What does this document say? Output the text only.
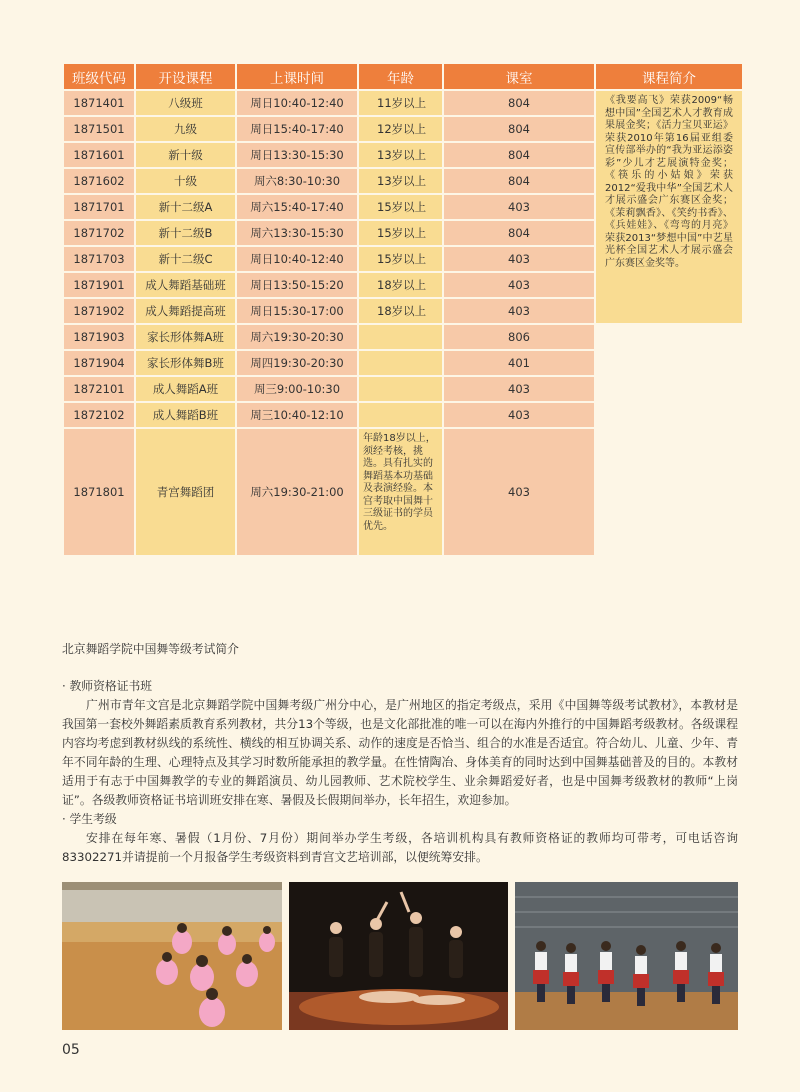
班级代码	开设课程	上课时间	年龄	课室	课程简介
1871401	八级班	周日10:40-12:40	11岁以上	804	《我要高飞》荣获2009“畅想中国”全国艺术人才教育成果展金奖；《活力宝贝亚运》荣获2010年第16届亚组委宣传部举办的“我为亚运添姿彩”少儿才艺展演特金奖；《筷乐的小姑娘》荣获2012“爱我中华”全国艺术人才展示盛会广东赛区金奖；《茉莉飘香》、《笑约书香》、《兵娃娃》、《弯弯的月亮》荣获2013“梦想中国”中艺星光杯全国艺术人才展示盛会广东赛区金奖等。
1871501	九级	周日15:40-17:40	12岁以上	804	
1871601	新十级	周日13:30-15:30	13岁以上	804	
1871602	十级	周六8:30-10:30	13岁以上	804	
1871701	新十二级A	周六15:40-17:40	15岁以上	403	
1871702	新十二级B	周六13:30-15:30	15岁以上	804	
1871703	新十二级C	周日10:40-12:40	15岁以上	403	
1871901	成人舞蹈基础班	周日13:50-15:20	18岁以上	403	
1871902	成人舞蹈提高班	周日15:30-17:00	18岁以上	403	
1871903	家长形体舞A班	周六19:30-20:30		806	
1871904	家长形体舞B班	周四19:30-20:30		401	
1872101	成人舞蹈A班	周三9:00-10:30		403	
1872102	成人舞蹈B班	周三10:40-12:10		403	
1871801	青宫舞蹈团	周六19:30-21:00	年龄18岁以上，须经考核，挑选。具有扎实的舞蹈基本功基础及表演经验。本宫考取中国舞十三级证书的学员优先。	403	

北京舞蹈学院中国舞等级考试简介

· 教师资格证书班

广州市青年文宫是北京舞蹈学院中国舞考级广州分中心，是广州地区的指定考级点，采用《中国舞等级考试教材》，本教材是我国第一套校外舞蹈素质教育系列教材，共分13个等级，也是文化部批准的唯一可以在海内外推行的中国舞蹈考级教材。各级课程内容均考虑到教材纵线的系统性、横线的相互协调关系、动作的速度是否恰当、组合的水准是否适宜。符合幼儿、儿童、少年、青年不同年龄的生理、心理特点及其学习时数所能承担的教学量。在性情陶冶、身体美育的同时达到中国舞基础普及的目的。本教材适用于有志于中国舞教学的专业的舞蹈演员、幼儿园教师、艺术院校学生、业余舞蹈爱好者，也是中国舞考级教材的教师“上岗证”。各级教师资格证书培训班安排在寒、暑假及长假期间举办，长年招生，欢迎参加。

· 学生考级

安排在每年寒、暑假（1月份、7月份）期间举办学生考级，各培训机构具有教师资格证的教师均可带考，可电话咨询83302271并请提前一个月报备学生考级资料到青宫文艺培训部，以便统筹安排。

05
